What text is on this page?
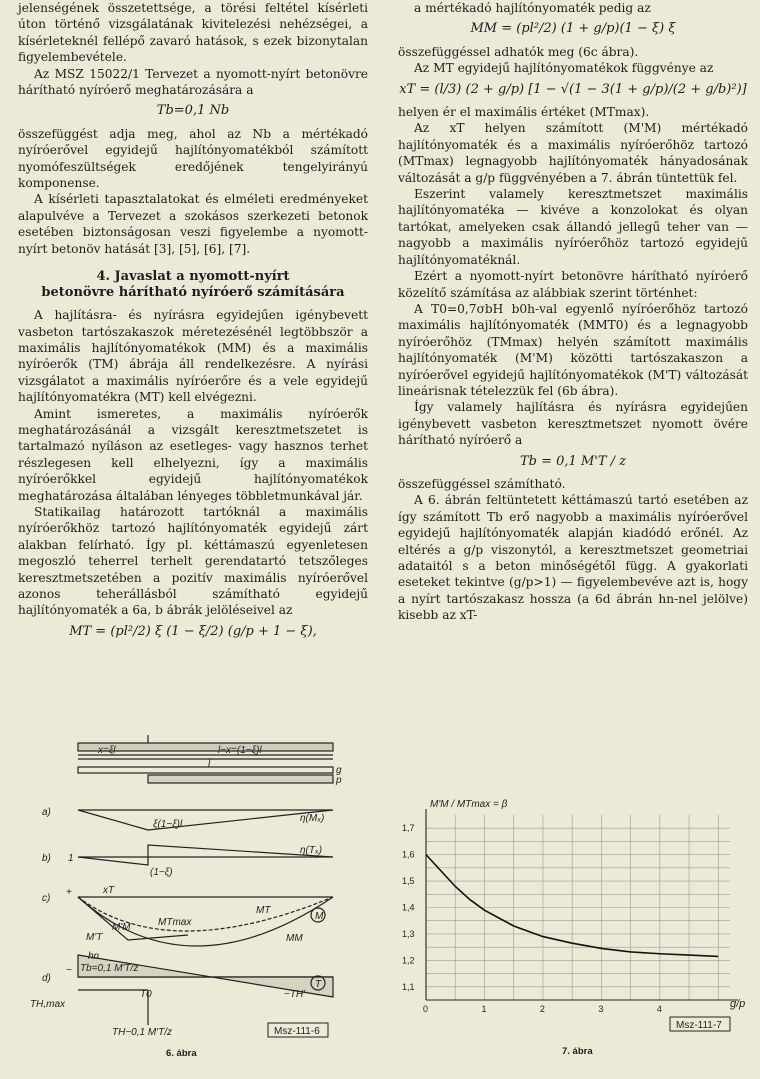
jelenségének összetettsége, a törési feltétel kísérleti úton történő vizsgálatának kivitelezési nehézségei, a kísérleteknél fellépő zavaró hatások, s ezek bizonytalan figyelembevétele.

Az MSZ 15022/1 Tervezet a nyomott-nyírt betonövre hárítható nyíróerő meghatározására a

Tb=0,1 Nb

összefüggést adja meg, ahol az Nb a mértékadó nyíróerővel egyidejű hajlítónyomatékból számított nyomófeszültségek eredőjének tengelyirányú komponense.

A kísérleti tapasztalatokat és elméleti eredményeket alapulvéve a Tervezet a szokásos szerkezeti betonok esetében biztonságosan veszi figyelembe a nyomott-nyírt betonöv hatását [3], [5], [6], [7].

4. Javaslat a nyomott-nyírt
betonövre hárítható nyíróerő számítására

A hajlításra- és nyírásra egyidejűen igénybevett vasbeton tartószakaszok méretezésénél legtöbbször a maximális hajlítónyomatékok (MM) és a maximális nyíróerők (TM) ábrája áll rendelkezésre. A nyírási vizsgálatot a maximális nyíróerőre és a vele egyidejű hajlítónyomatékra (MT) kell elvégezni.

Amint ismeretes, a maximális nyíróerők meghatározásánál a vizsgált keresztmetszetet is tartalmazó nyíláson az esetleges- vagy hasznos terhet részlegesen kell elhelyezni, így a maximális nyíróerőkkel egyidejű hajlítónyomatékok meghatározása általában lényeges többletmunkával jár.

Statikailag határozott tartóknál a maximális nyíróerőkhöz tartozó hajlítónyomaték egyidejű zárt alakban felírható. Így pl. kéttámaszú egyenletesen megoszló teherrel terhelt gerendatartó tetszőleges keresztmetszetében a pozitív maximális nyíróerővel azonos teherállásból számítható egyidejű hajlítónyomaték a 6a, b ábrák jelöléseivel az

MT = (pl²/2) ξ (1 − ξ/2) (g/p + 1 − ξ),

a mértékadó hajlítónyomaték pedig az

MM = (pl²/2) (1 + g/p)(1 − ξ) ξ

összefüggéssel adhatók meg (6c ábra).

Az MT egyidejű hajlítónyomatékok függvénye az

xT = (l/3) (2 + g/p) [1 − √(1 − 3(1 + g/p)/(2 + g/b)²)]

helyen ér el maximális értéket (MTmax).

Az xT helyen számított (M'M) mértékadó hajlítónyomaték és a maximális nyíróerőhöz tartozó (MTmax) legnagyobb hajlítónyomaték hányadosának változását a g/p függvényében a 7. ábrán tüntettük fel.

Eszerint valamely keresztmetszet maximális hajlítónyomatéka — kivéve a konzolokat és olyan tartókat, amelyeken csak állandó jellegű teher van — nagyobb a maximális nyíróerőhöz tartozó egyidejű hajlítónyomatéknál.

Ezért a nyomott-nyírt betonövre hárítható nyíróerő közelítő számítása az alábbiak szerint történhet:

A T0=0,7σbH b0h-val egyenlő nyíróerőhöz tartozó maximális hajlítónyomaték (MMT0) és a legnagyobb nyíróerőhöz (TMmax) helyén számított maximális hajlítónyomaték (M'M) közötti tartószakaszon a nyíróerővel egyidejű hajlítónyomatékok (M'T) változását lineárisnak tételezzük fel (6b ábra).

Így valamely hajlításra és nyírásra egyidejűen igénybevett vasbeton keresztmetszet nyomott övére hárítható nyíróerő a

Tb = 0,1 M'T / z

összefüggéssel számítható.

A 6. ábrán feltüntetett kéttámaszú tartó esetében az így számított Tb erő nagyobb a maximális nyíróerővel egyidejű hajlítónyomaték alapján kiadódó erőnél. Az eltérés a g/p viszonytól, a keresztmetszet geometriai adataitól s a beton minőségétől függ. A gyakorlati eseteket tekintve (g/p>1) — figyelembevéve azt is, hogy a nyírt tartószakasz hossza (a 6d ábrán hn-nel jelölve) kisebb az xT-

a)
b)
c)
d)
x=ξl	l−x=(1−ξ)l
l
g
p
ξ(1−ξ)l
η(Mₓ)
1
(1−ξ)
η(Tₓ)
xT
MT
MM
M
MTmax
M'M
M'T
hn
Tb=0,1 M'T/z
T0
TH,max
TH−0,1 M'T/z
−TH'
T
+
−
Msz-111-6
6. ábra
1,1
1,2
1,3
1,4
1,5
1,6
1,7
0	1	2	3	4
M'M / MTmax = β
g/p
Msz-111-7
7. ábra
